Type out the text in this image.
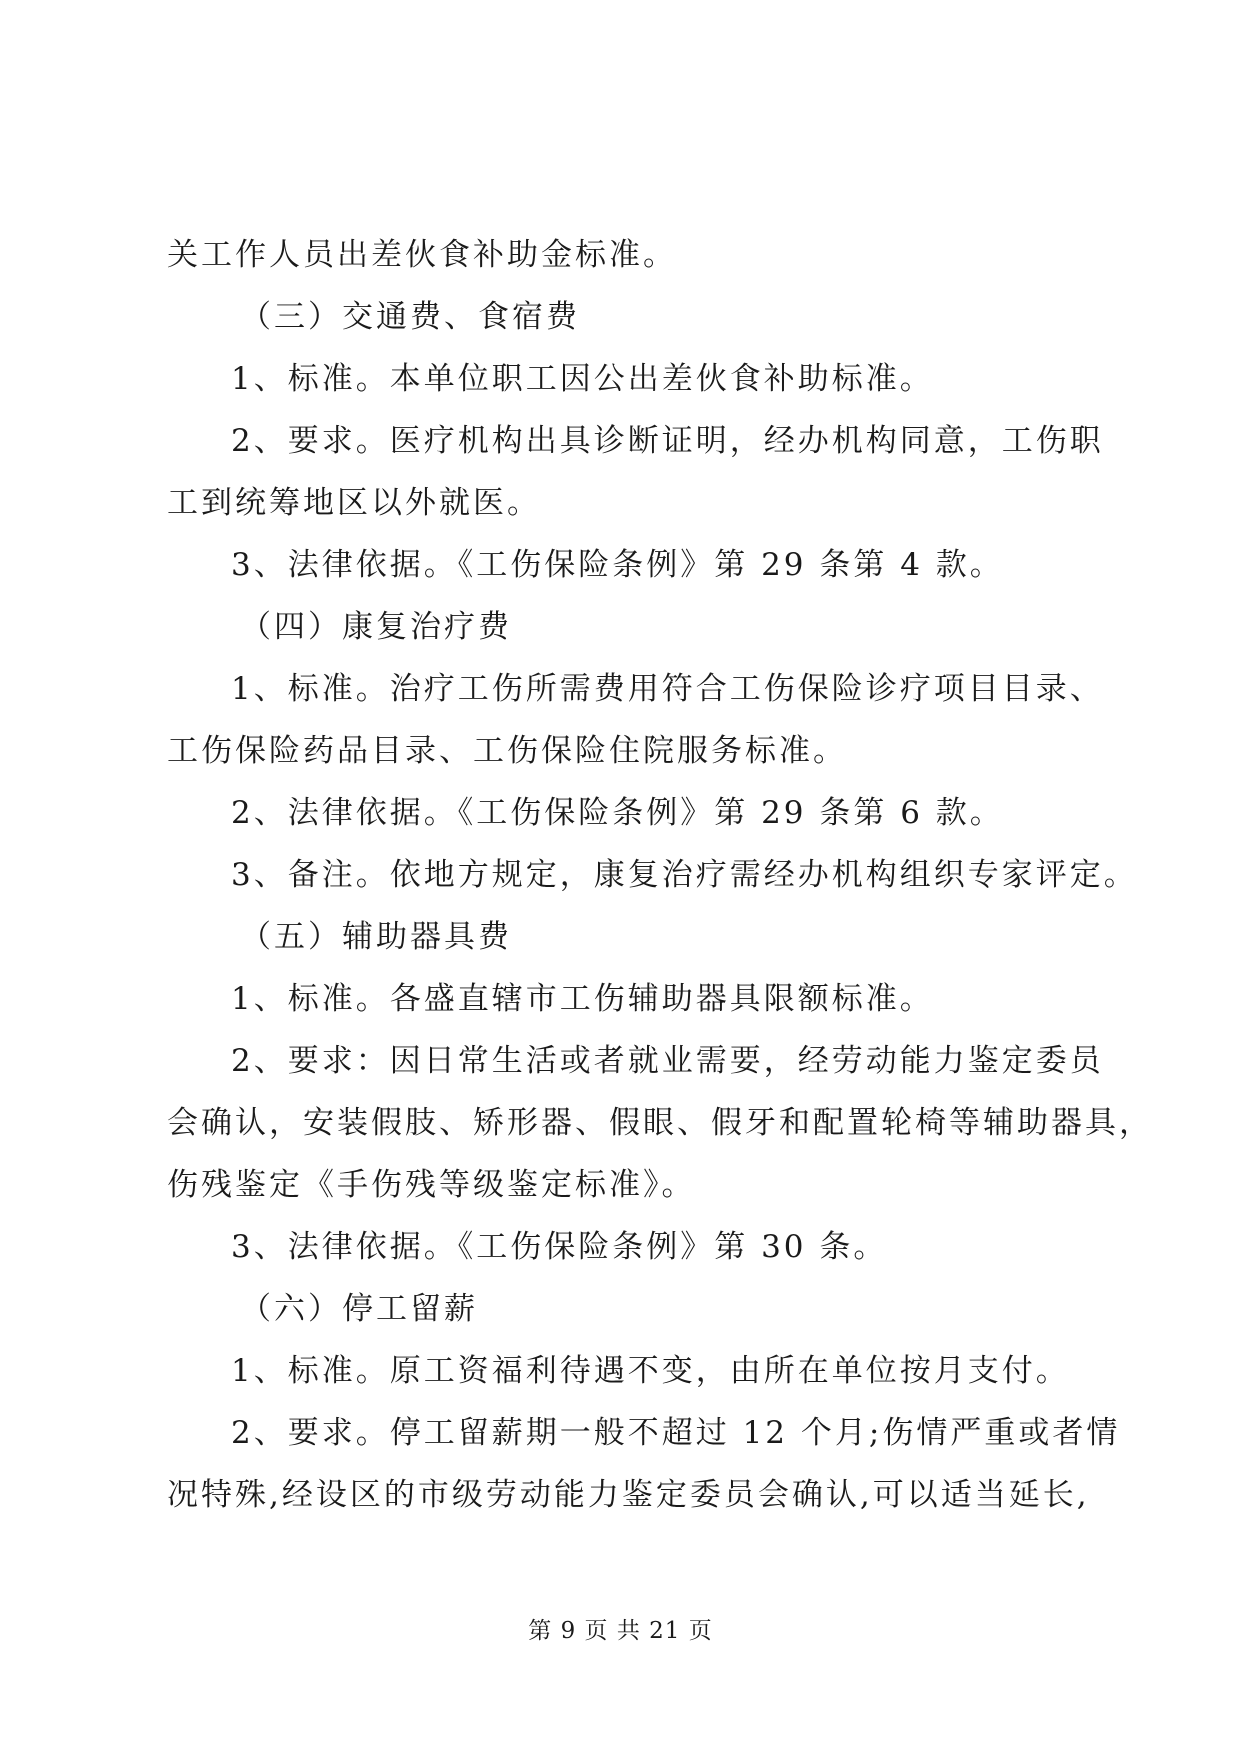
关工作人员出差伙食补助金标准。
（三）交通费、食宿费
1、标准。本单位职工因公出差伙食补助标准。
2、要求。医疗机构出具诊断证明，经办机构同意，工伤职
工到统筹地区以外就医。
3、法律依据。《工伤保险条例》第 29 条第 4 款。
（四）康复治疗费
1、标准。治疗工伤所需费用符合工伤保险诊疗项目目录、
工伤保险药品目录、工伤保险住院服务标准。
2、法律依据。《工伤保险条例》第 29 条第 6 款。
3、备注。依地方规定，康复治疗需经办机构组织专家评定。
（五）辅助器具费
1、标准。各盛直辖市工伤辅助器具限额标准。
2、要求：因日常生活或者就业需要，经劳动能力鉴定委员
会确认，安装假肢、矫形器、假眼、假牙和配置轮椅等辅助器具，
伤残鉴定《手伤残等级鉴定标准》。
3、法律依据。《工伤保险条例》第 30 条。
（六）停工留薪
1、标准。原工资福利待遇不变，由所在单位按月支付。
2、要求。停工留薪期一般不超过 12 个月;伤情严重或者情
况特殊,经设区的市级劳动能力鉴定委员会确认,可以适当延长,
第 9 页 共 21 页
